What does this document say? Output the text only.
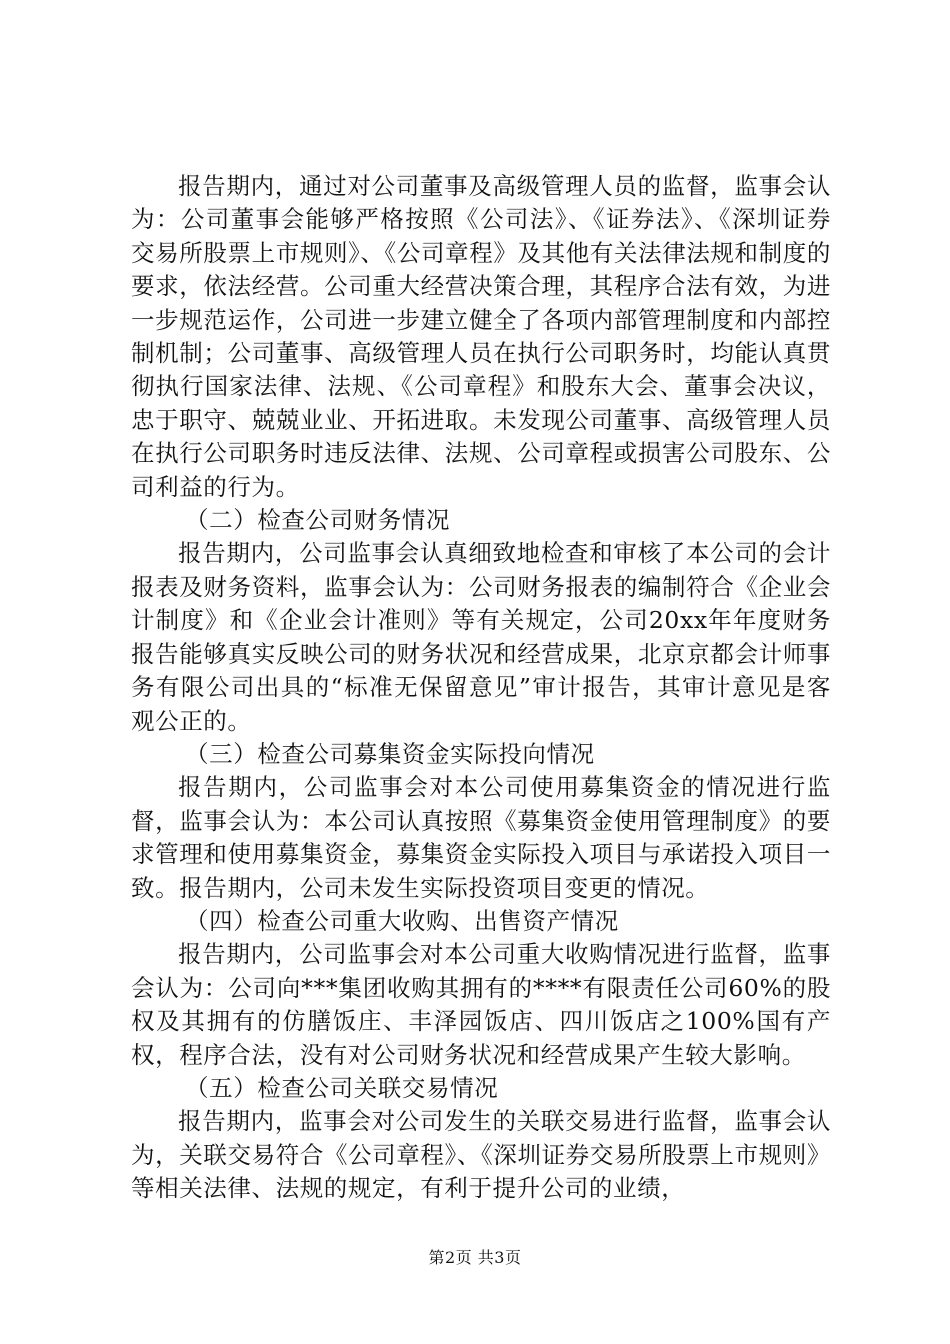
报告期内，通过对公司董事及高级管理人员的监督，监事会认为：公司董事会能够严格按照《公司法》、《证券法》、《深圳证券交易所股票上市规则》、《公司章程》及其他有关法律法规和制度的要求，依法经营。公司重大经营决策合理，其程序合法有效，为进一步规范运作，公司进一步建立健全了各项内部管理制度和内部控制机制；公司董事、高级管理人员在执行公司职务时，均能认真贯彻执行国家法律、法规、《公司章程》和股东大会、董事会决议，忠于职守、兢兢业业、开拓进取。未发现公司董事、高级管理人员在执行公司职务时违反法律、法规、公司章程或损害公司股东、公司利益的行为。

（二）检查公司财务情况

报告期内，公司监事会认真细致地检查和审核了本公司的会计报表及财务资料，监事会认为：公司财务报表的编制符合《企业会计制度》和《企业会计准则》等有关规定，公司20xx年年度财务报告能够真实反映公司的财务状况和经营成果，北京京都会计师事务有限公司出具的“标准无保留意见”审计报告，其审计意见是客观公正的。

（三）检查公司募集资金实际投向情况

报告期内，公司监事会对本公司使用募集资金的情况进行监督，监事会认为：本公司认真按照《募集资金使用管理制度》的要求管理和使用募集资金，募集资金实际投入项目与承诺投入项目一致。报告期内，公司未发生实际投资项目变更的情况。

（四）检查公司重大收购、出售资产情况

报告期内，公司监事会对本公司重大收购情况进行监督，监事会认为：公司向***集团收购其拥有的****有限责任公司60%的股权及其拥有的仿膳饭庄、丰泽园饭店、四川饭店之100%国有产权，程序合法，没有对公司财务状况和经营成果产生较大影响。

（五）检查公司关联交易情况

报告期内，监事会对公司发生的关联交易进行监督，监事会认为，关联交易符合《公司章程》、《深圳证券交易所股票上市规则》等相关法律、法规的规定，有利于提升公司的业绩，

第2页 共3页
